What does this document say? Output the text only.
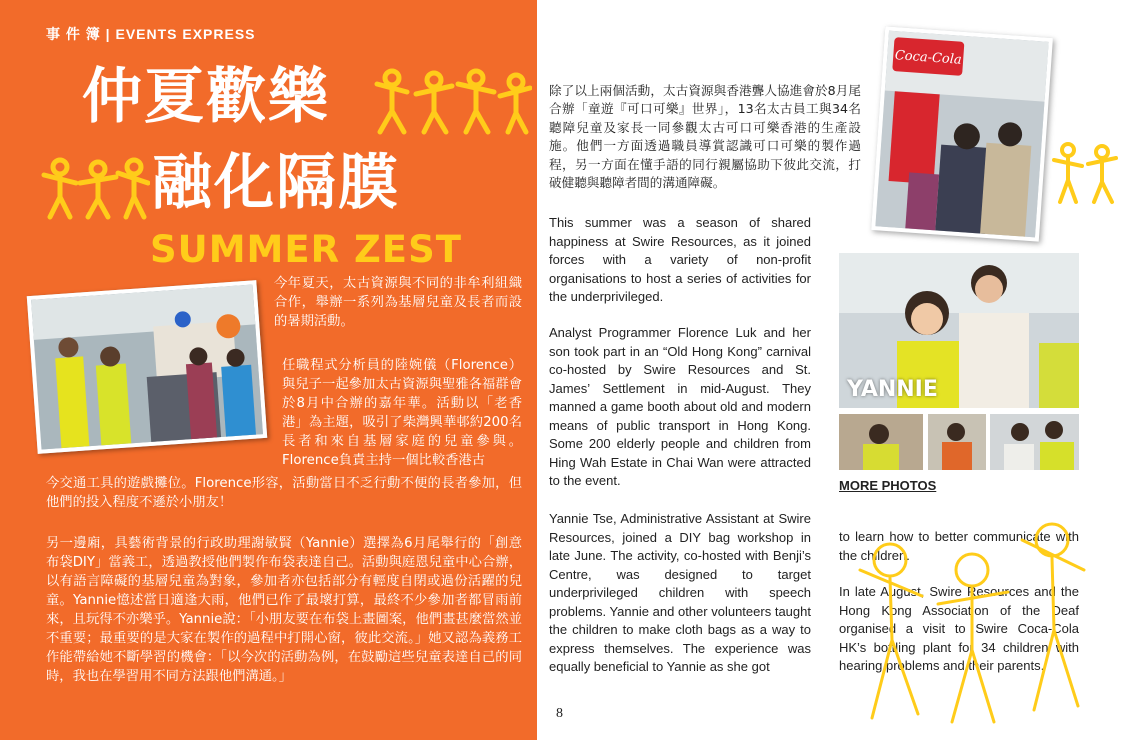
事 件 簿 | EVENTS EXPRESS
仲夏歡樂
融化隔膜
SUMMER ZEST

今年夏天，太古資源與不同的非牟利組織合作，舉辦一系列為基層兒童及長者而設的暑期活動。

任職程式分析員的陸婉儀（Florence）與兒子一起參加太古資源與聖雅各福群會於8月中合辦的嘉年華。活動以「老香港」為主題，吸引了柴灣興華邨約200名長者和來自基層家庭的兒童參與。Florence負責主持一個比較香港古

今交通工具的遊戲攤位。Florence形容，活動當日不乏行動不便的長者參加，但他們的投入程度不遜於小朋友！

另一邊廂，具藝術背景的行政助理謝敏賢（Yannie）選擇為6月尾舉行的「創意布袋DIY」當義工，透過教授他們製作布袋表達自己。活動與庭恩兒童中心合辦，以有語言障礙的基層兒童為對象，參加者亦包括部分有輕度自閉或過份活躍的兒童。Yannie憶述當日適逢大雨，他們已作了最壞打算，最終不少參加者都冒雨前來，且玩得不亦樂乎。Yannie說：「小朋友要在布袋上畫圖案，他們畫甚麼當然並不重要；最重要的是大家在製作的過程中打開心窗，彼此交流。」她又認為義務工作能帶給她不斷學習的機會：「以今次的活動為例，在鼓勵這些兒童表達自己的同時，我也在學習用不同方法跟他們溝通。」

除了以上兩個活動，太古資源與香港聾人協進會於8月尾合辦「童遊『可口可樂』世界」，13名太古員工與34名聽障兒童及家長一同參觀太古可口可樂香港的生產設施。他們一方面透過職員導賞認識可口可樂的製作過程，另一方面在懂手語的同行親屬協助下彼此交流，打破健聽與聽障者間的溝通障礙。

This summer was a season of shared happiness at Swire Resources, as it joined forces with a variety of non-profit organisations to host a series of activities for the underprivileged.

Analyst Programmer Florence Luk and her son took part in an “Old Hong Kong” carnival co-hosted by Swire Resources and St. James’ Settlement in mid-August. They manned a game booth about old and modern means of public transport in Hong Kong. Some 200 elderly people and children from Hing Wah Estate in Chai Wan were attracted to the event.

Yannie Tse, Administrative Assistant at Swire Resources, joined a DIY bag workshop in late June. The activity, co-hosted with Benji’s Centre, was designed to target underprivileged children with speech problems. Yannie and other volunteers taught the children to make cloth bags as a way to express themselves. The experience was equally beneficial to Yannie as she got

to learn how to better communicate with the children.

In late August, Swire Resources and the Hong Kong Association of the Deaf organised a visit to Swire Coca-Cola HK’s bottling plant for 34 children with hearing problems and their parents.

Coca-Cola
YANNIE
MORE PHOTOS
8
